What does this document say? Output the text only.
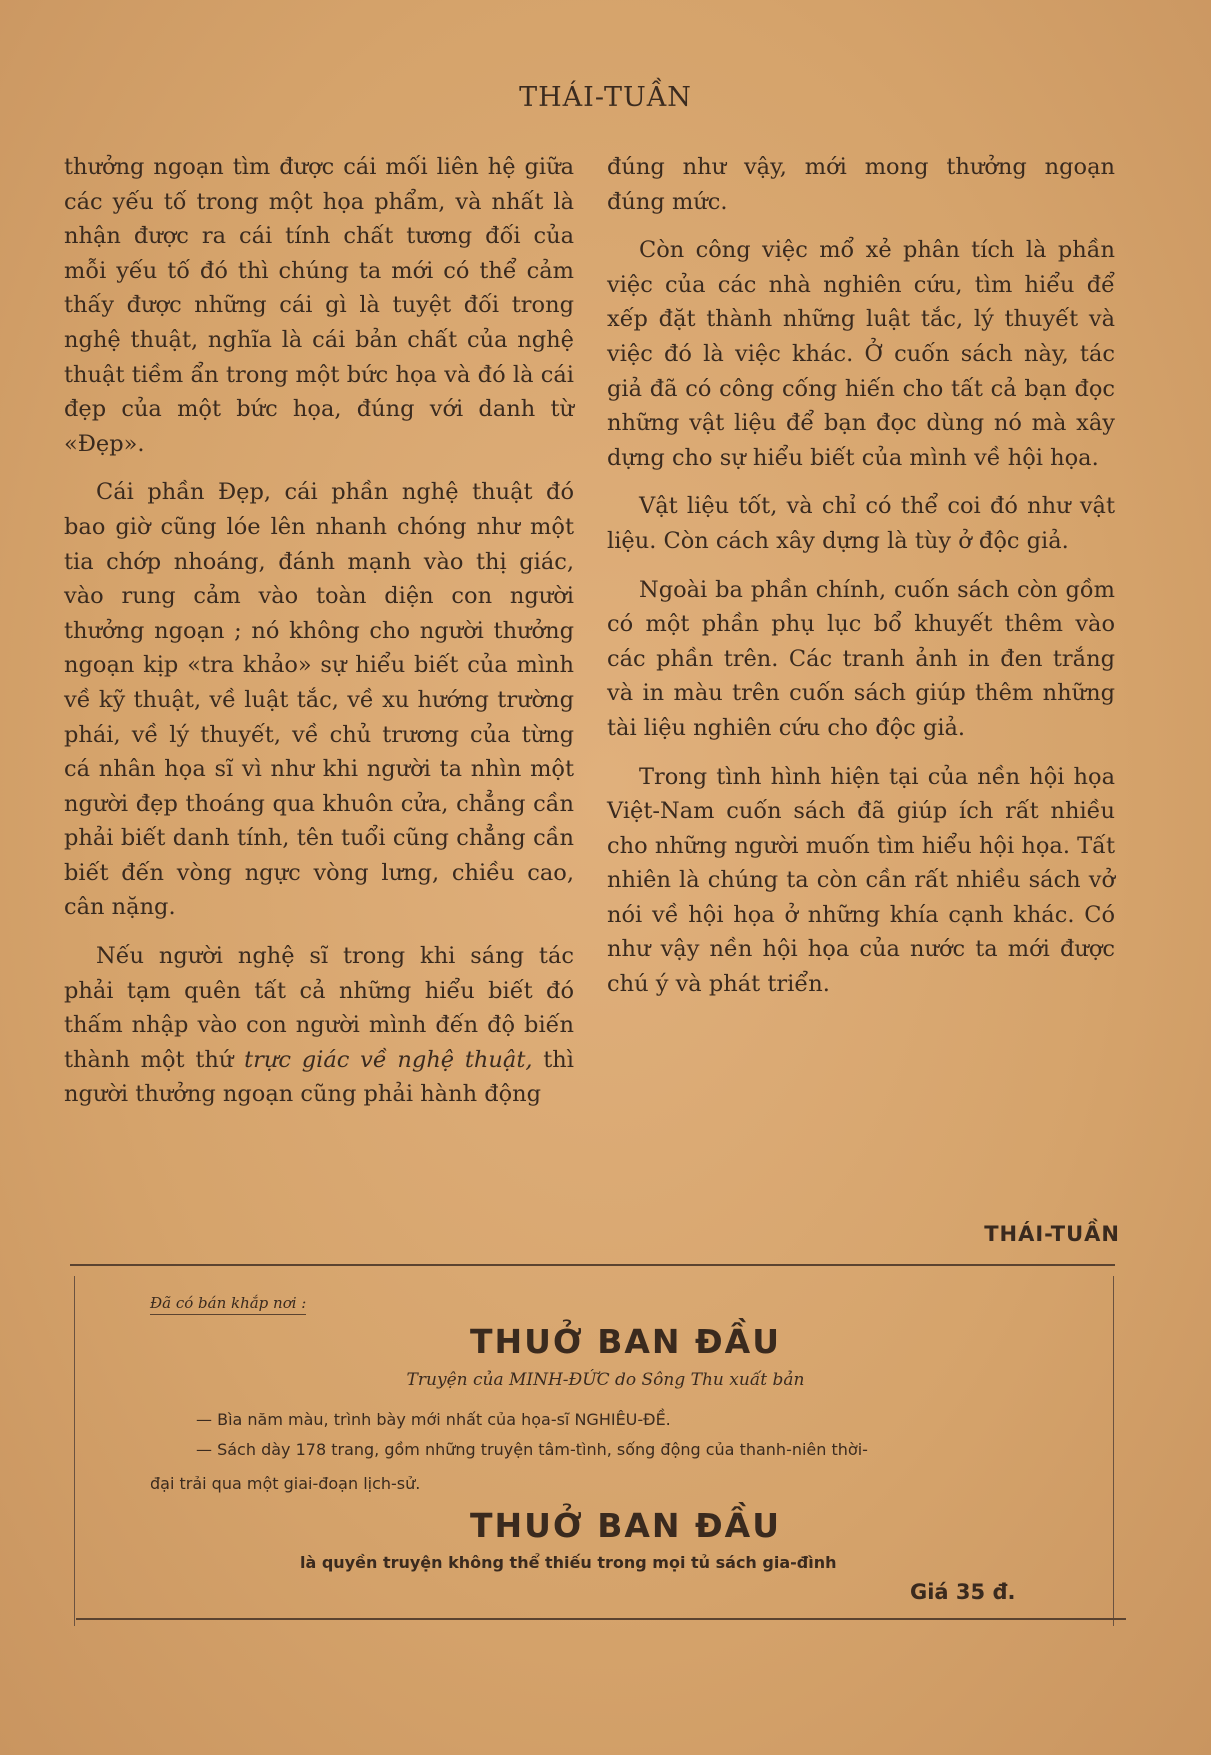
THÁI-TUẦN

thưởng ngoạn tìm được cái mối liên hệ giữa các yếu tố trong một họa phẩm, và nhất là nhận được ra cái tính chất tương đối của mỗi yếu tố đó thì chúng ta mới có thể cảm thấy được những cái gì là tuyệt đối trong nghệ thuật, nghĩa là cái bản chất của nghệ thuật tiềm ẩn trong một bức họa và đó là cái đẹp của một bức họa, đúng với danh từ «Đẹp».

Cái phần Đẹp, cái phần nghệ thuật đó bao giờ cũng lóe lên nhanh chóng như một tia chớp nhoáng, đánh mạnh vào thị giác, vào rung cảm vào toàn diện con người thưởng ngoạn ; nó không cho người thưởng ngoạn kịp «tra khảo» sự hiểu biết của mình về kỹ thuật, về luật tắc, về xu hướng trường phái, về lý thuyết, về chủ trương của từng cá nhân họa sĩ vì như khi người ta nhìn một người đẹp thoáng qua khuôn cửa, chẳng cần phải biết danh tính, tên tuổi cũng chẳng cần biết đến vòng ngực vòng lưng, chiều cao, cân nặng.

Nếu người nghệ sĩ trong khi sáng tác phải tạm quên tất cả những hiểu biết đó thấm nhập vào con người mình đến độ biến thành một thứ trực giác về nghệ thuật, thì người thưởng ngoạn cũng phải hành động

đúng như vậy, mới mong thưởng ngoạn đúng mức.

Còn công việc mổ xẻ phân tích là phần việc của các nhà nghiên cứu, tìm hiểu để xếp đặt thành những luật tắc, lý thuyết và việc đó là việc khác. Ở cuốn sách này, tác giả đã có công cống hiến cho tất cả bạn đọc những vật liệu để bạn đọc dùng nó mà xây dựng cho sự hiểu biết của mình về hội họa.

Vật liệu tốt, và chỉ có thể coi đó như vật liệu. Còn cách xây dựng là tùy ở độc giả.

Ngoài ba phần chính, cuốn sách còn gồm có một phần phụ lục bổ khuyết thêm vào các phần trên. Các tranh ảnh in đen trắng và in màu trên cuốn sách giúp thêm những tài liệu nghiên cứu cho độc giả.

Trong tình hình hiện tại của nền hội họa Việt-Nam cuốn sách đã giúp ích rất nhiều cho những người muốn tìm hiểu hội họa. Tất nhiên là chúng ta còn cần rất nhiều sách vở nói về hội họa ở những khía cạnh khác. Có như vậy nền hội họa của nước ta mới được chú ý và phát triển.

THÁI-TUẦN
Đã có bán khắp nơi :
THUỞ BAN ĐẦU
Truyện của MINH-ĐỨC do Sông Thu xuất bản
— Bìa năm màu, trình bày mới nhất của họa-sĩ NGHIÊU-ĐỀ.
— Sách dày 178 trang, gồm những truyện tâm-tình, sống động của thanh-niên thời-
đại trải qua một giai-đoạn lịch-sử.
THUỞ BAN ĐẦU
là quyền truyện không thể thiếu trong mọi tủ sách gia-đình
Giá 35 đ.
